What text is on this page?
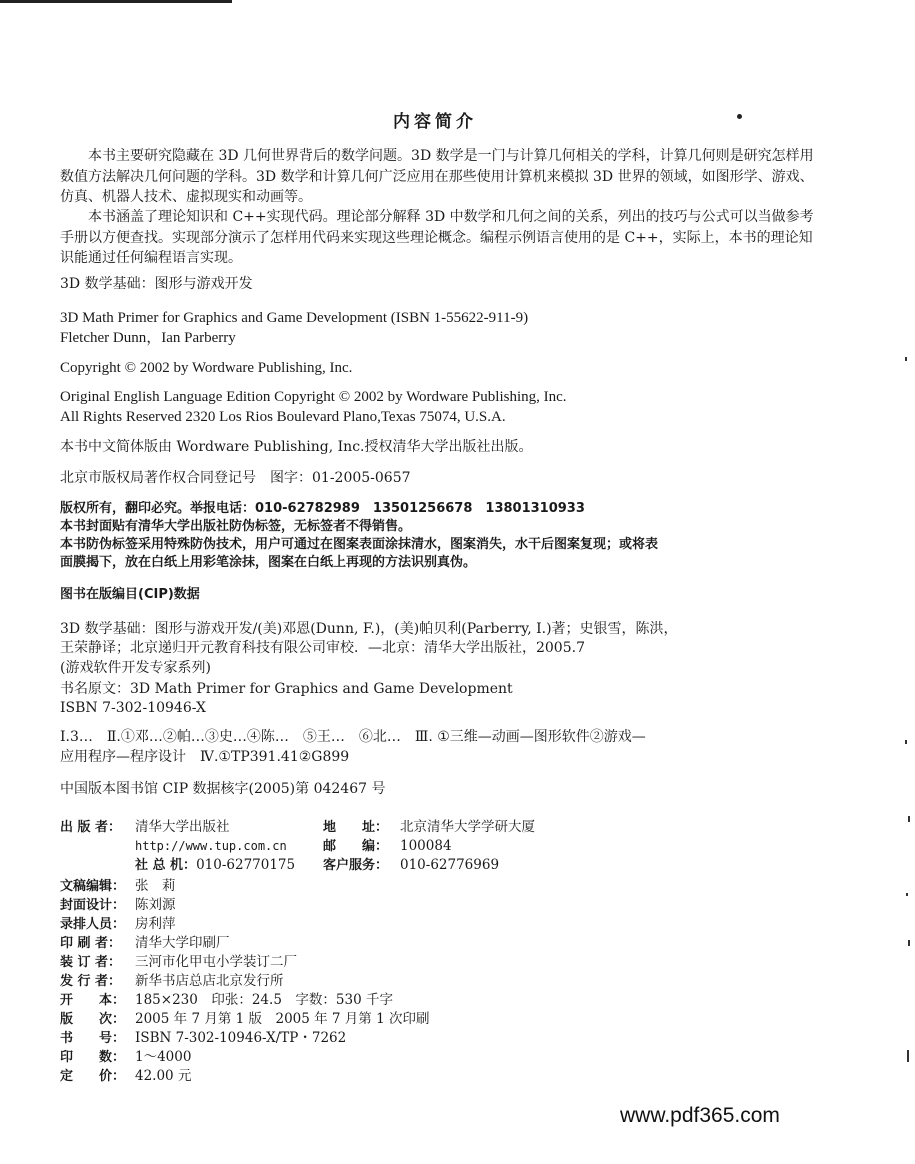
内容简介
本书主要研究隐藏在 3D 几何世界背后的数学问题。3D 数学是一门与计算几何相关的学科，计算几何则是研究怎样用数值方法解决几何问题的学科。3D 数学和计算几何广泛应用在那些使用计算机来模拟 3D 世界的领域，如图形学、游戏、仿真、机器人技术、虚拟现实和动画等。
本书涵盖了理论知识和 C++实现代码。理论部分解释 3D 中数学和几何之间的关系，列出的技巧与公式可以当做参考手册以方便查找。实现部分演示了怎样用代码来实现这些理论概念。编程示例语言使用的是 C++，实际上，本书的理论知识能通过任何编程语言实现。
3D 数学基础：图形与游戏开发
3D Math Primer for Graphics and Game Development (ISBN 1-55622-911-9)
Fletcher Dunn，Ian Parberry
Copyright © 2002 by Wordware Publishing, Inc.
Original English Language Edition Copyright © 2002 by Wordware Publishing, Inc.
All Rights Reserved 2320 Los Rios Boulevard Plano,Texas 75074, U.S.A.
本书中文简体版由 Wordware Publishing, Inc.授权清华大学出版社出版。
北京市版权局著作权合同登记号　图字：01-2005-0657
版权所有，翻印必究。举报电话：010-62782989　13501256678　13801310933
本书封面贴有清华大学出版社防伪标签，无标签者不得销售。
本书防伪标签采用特殊防伪技术，用户可通过在图案表面涂抹清水，图案消失，水干后图案复现；或将表
面膜揭下，放在白纸上用彩笔涂抹，图案在白纸上再现的方法识别真伪。
图书在版编目(CIP)数据
3D 数学基础：图形与游戏开发/(美)邓恩(Dunn, F.)，(美)帕贝利(Parberry, I.)著；史银雪，陈洪，
王荣静译；北京递归开元教育科技有限公司审校．—北京：清华大学出版社，2005.7
(游戏软件开发专家系列)
书名原文：3D Math Primer for Graphics and Game Development
ISBN 7-302-10946-X
Ⅰ.3…　Ⅱ.①邓…②帕…③史…④陈…　⑤王…　⑥北…　Ⅲ. ①三维—动画—图形软件②游戏—
应用程序—程序设计　Ⅳ.①TP391.41②G899
中国版本图书馆 CIP 数据核字(2005)第 042467 号
出 版 者： 清华大学出版社	地　　址： 北京清华大学学研大厦
http://www.tup.com.cn	邮　　编： 100084
社 总 机：010-62770175 客户服务： 010-62776969
文稿编辑： 张　莉
封面设计： 陈刘源
录排人员： 房利萍
印 刷 者： 清华大学印刷厂
装 订 者： 三河市化甲屯小学装订二厂
发 行 者： 新华书店总店北京发行所
开　　本： 185×230　印张：24.5　字数：530 千字
版　　次： 2005 年 7 月第 1 版　2005 年 7 月第 1 次印刷
书　　号： ISBN 7-302-10946-X/TP・7262
印　　数： 1～4000
定　　价： 42.00 元
www.pdf365.com
